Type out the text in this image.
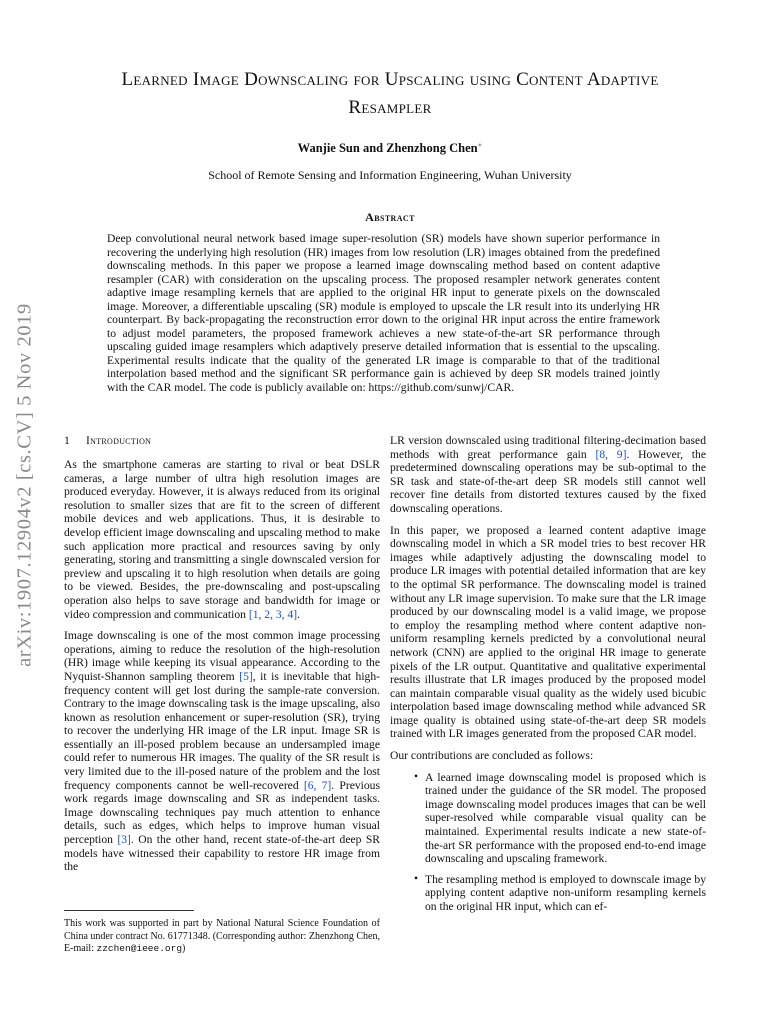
arXiv:1907.12904v2 [cs.CV] 5 Nov 2019
Learned Image Downscaling for Upscaling using Content Adaptive Resampler
Wanjie Sun and Zhenzhong Chen∗
School of Remote Sensing and Information Engineering, Wuhan University
Abstract
Deep convolutional neural network based image super-resolution (SR) models have shown superior performance in recovering the underlying high resolution (HR) images from low resolution (LR) images obtained from the predefined downscaling methods. In this paper we propose a learned image downscaling method based on content adaptive resampler (CAR) with consideration on the upscaling process. The proposed resampler network generates content adaptive image resampling kernels that are applied to the original HR input to generate pixels on the downscaled image. Moreover, a differentiable upscaling (SR) module is employed to upscale the LR result into its underlying HR counterpart. By back-propagating the reconstruction error down to the original HR input across the entire framework to adjust model parameters, the proposed framework achieves a new state-of-the-art SR performance through upscaling guided image resamplers which adaptively preserve detailed information that is essential to the upscaling. Experimental results indicate that the quality of the generated LR image is comparable to that of the traditional interpolation based method and the significant SR performance gain is achieved by deep SR models trained jointly with the CAR model. The code is publicly available on: https://github.com/sunwj/CAR.
1 Introduction

As the smartphone cameras are starting to rival or beat DSLR cameras, a large number of ultra high resolution images are produced everyday. However, it is always reduced from its original resolution to smaller sizes that are fit to the screen of different mobile devices and web applications. Thus, it is desirable to develop efficient image downscaling and upscaling method to make such application more practical and resources saving by only generating, storing and transmitting a single downscaled version for preview and upscaling it to high resolution when details are going to be viewed. Besides, the pre-downscaling and post-upscaling operation also helps to save storage and bandwidth for image or video compression and communication [1, 2, 3, 4].

Image downscaling is one of the most common image processing operations, aiming to reduce the resolution of the high-resolution (HR) image while keeping its visual appearance. According to the Nyquist-Shannon sampling theorem [5], it is inevitable that high-frequency content will get lost during the sample-rate conversion. Contrary to the image downscaling task is the image upscaling, also known as resolution enhancement or super-resolution (SR), trying to recover the underlying HR image of the LR input. Image SR is essentially an ill-posed problem because an undersampled image could refer to numerous HR images. The quality of the SR result is very limited due to the ill-posed nature of the problem and the lost frequency components cannot be well-recovered [6, 7]. Previous work regards image downscaling and SR as independent tasks. Image downscaling techniques pay much attention to enhance details, such as edges, which helps to improve human visual perception [3]. On the other hand, recent state-of-the-art deep SR models have witnessed their capability to restore HR image from the

LR version downscaled using traditional filtering-decimation based methods with great performance gain [8, 9]. However, the predetermined downscaling operations may be sub-optimal to the SR task and state-of-the-art deep SR models still cannot well recover fine details from distorted textures caused by the fixed downscaling operations.

In this paper, we proposed a learned content adaptive image downscaling model in which a SR model tries to best recover HR images while adaptively adjusting the downscaling model to produce LR images with potential detailed information that are key to the optimal SR performance. The downscaling model is trained without any LR image supervision. To make sure that the LR image produced by our downscaling model is a valid image, we propose to employ the resampling method where content adaptive non-uniform resampling kernels predicted by a convolutional neural network (CNN) are applied to the original HR image to generate pixels of the LR output. Quantitative and qualitative experimental results illustrate that LR images produced by the proposed model can maintain comparable visual quality as the widely used bicubic interpolation based image downscaling method while advanced SR image quality is obtained using state-of-the-art deep SR models trained with LR images generated from the proposed CAR model.

Our contributions are concluded as follows:

• A learned image downscaling model is proposed which is trained under the guidance of the SR model. The proposed image downscaling model produces images that can be well super-resolved while comparable visual quality can be maintained. Experimental results indicate a new state-of-the-art SR performance with the proposed end-to-end image downscaling and upscaling framework.
• The resampling method is employed to downscale image by applying content adaptive non-uniform resampling kernels on the original HR input, which can ef-
This work was supported in part by National Natural Science Foundation of China under contract No. 61771348. (Corresponding author: Zhenzhong Chen, E-mail: zzchen@ieee.org)
